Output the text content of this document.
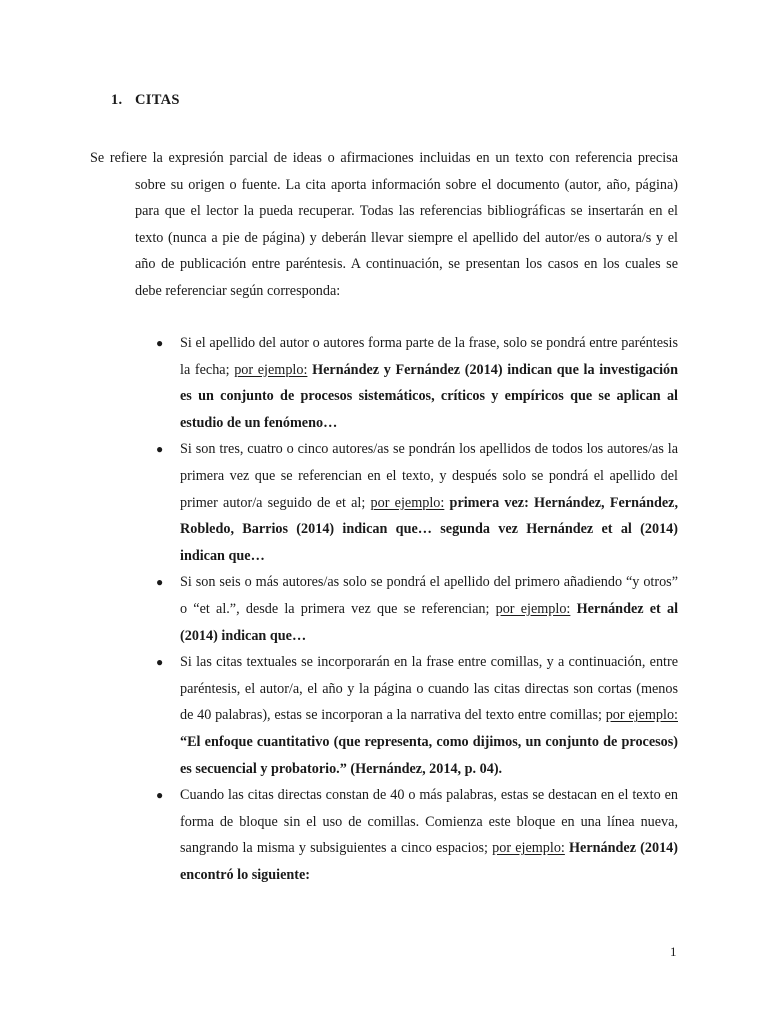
1. CITAS

Se refiere la expresión parcial de ideas o afirmaciones incluidas en un texto con referencia precisa sobre su origen o fuente. La cita aporta información sobre el documento (autor, año, página) para que el lector la pueda recuperar. Todas las referencias bibliográficas se insertarán en el texto (nunca a pie de página) y deberán llevar siempre el apellido del autor/es o autora/s y el año de publicación entre paréntesis. A continuación, se presentan los casos en los cuales se debe referenciar según corresponda:

● Si el apellido del autor o autores forma parte de la frase, solo se pondrá entre paréntesis la fecha; por ejemplo: Hernández y Fernández (2014) indican que la investigación es un conjunto de procesos sistemáticos, críticos y empíricos que se aplican al estudio de un fenómeno…
● Si son tres, cuatro o cinco autores/as se pondrán los apellidos de todos los autores/as la primera vez que se referencian en el texto, y después solo se pondrá el apellido del primer autor/a seguido de et al; por ejemplo: primera vez: Hernández, Fernández, Robledo, Barrios (2014) indican que… segunda vez Hernández et al (2014) indican que…
● Si son seis o más autores/as solo se pondrá el apellido del primero añadiendo “y otros” o “et al.”, desde la primera vez que se referencian; por ejemplo: Hernández et al (2014) indican que…
● Si las citas textuales se incorporarán en la frase entre comillas, y a continuación, entre paréntesis, el autor/a, el año y la página o cuando las citas directas son cortas (menos de 40 palabras), estas se incorporan a la narrativa del texto entre comillas; por ejemplo: “El enfoque cuantitativo (que representa, como dijimos, un conjunto de procesos) es secuencial y probatorio.” (Hernández, 2014, p. 04).
● Cuando las citas directas constan de 40 o más palabras, estas se destacan en el texto en forma de bloque sin el uso de comillas. Comienza este bloque en una línea nueva, sangrando la misma y subsiguientes a cinco espacios; por ejemplo: Hernández (2014) encontró lo siguiente:
1
